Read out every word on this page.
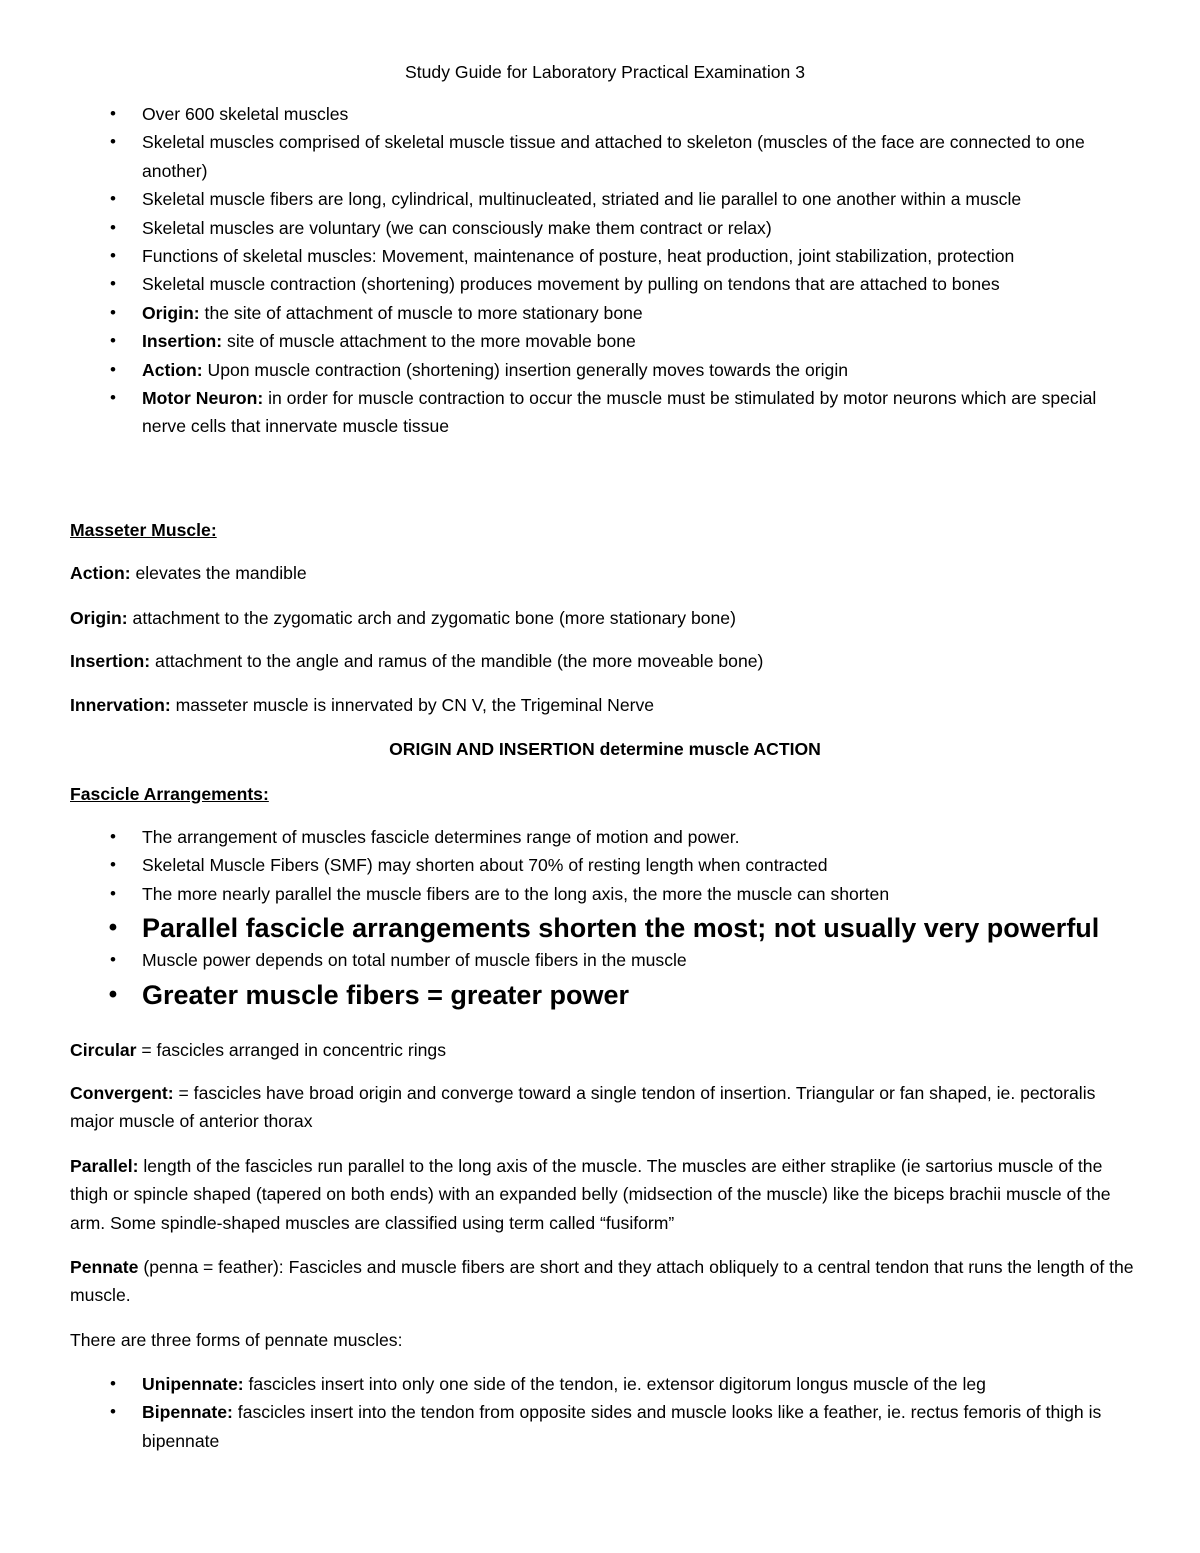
Study Guide for Laboratory Practical Examination 3
• Over 600 skeletal muscles
• Skeletal muscles comprised of skeletal muscle tissue and attached to skeleton (muscles of the face are connected to one another)
• Skeletal muscle fibers are long, cylindrical, multinucleated, striated and lie parallel to one another within a muscle
• Skeletal muscles are voluntary (we can consciously make them contract or relax)
• Functions of skeletal muscles: Movement, maintenance of posture, heat production, joint stabilization, protection
• Skeletal muscle contraction (shortening) produces movement by pulling on tendons that are attached to bones
• Origin: the site of attachment of muscle to more stationary bone
• Insertion: site of muscle attachment to the more movable bone
• Action: Upon muscle contraction (shortening) insertion generally moves towards the origin
• Motor Neuron: in order for muscle contraction to occur the muscle must be stimulated by motor neurons which are special nerve cells that innervate muscle tissue
Masseter Muscle:
Action: elevates the mandible
Origin: attachment to the zygomatic arch and zygomatic bone (more stationary bone)
Insertion: attachment to the angle and ramus of the mandible (the more moveable bone)
Innervation: masseter muscle is innervated by CN V, the Trigeminal Nerve
ORIGIN AND INSERTION determine muscle ACTION
Fascicle Arrangements:
• The arrangement of muscles fascicle determines range of motion and power.
• Skeletal Muscle Fibers (SMF) may shorten about 70% of resting length when contracted
• The more nearly parallel the muscle fibers are to the long axis, the more the muscle can shorten
• Parallel fascicle arrangements shorten the most; not usually very powerful
• Muscle power depends on total number of muscle fibers in the muscle
• Greater muscle fibers = greater power
Circular = fascicles arranged in concentric rings
Convergent: = fascicles have broad origin and converge toward a single tendon of insertion. Triangular or fan shaped, ie. pectoralis major muscle of anterior thorax
Parallel: length of the fascicles run parallel to the long axis of the muscle. The muscles are either straplike (ie sartorius muscle of the thigh or spincle shaped (tapered on both ends) with an expanded belly (midsection of the muscle) like the biceps brachii muscle of the arm. Some spindle-shaped muscles are classified using term called “fusiform”
Pennate (penna = feather): Fascicles and muscle fibers are short and they attach obliquely to a central tendon that runs the length of the muscle.
There are three forms of pennate muscles:
• Unipennate: fascicles insert into only one side of the tendon, ie. extensor digitorum longus muscle of the leg
• Bipennate: fascicles insert into the tendon from opposite sides and muscle looks like a feather, ie. rectus femoris of thigh is bipennate
